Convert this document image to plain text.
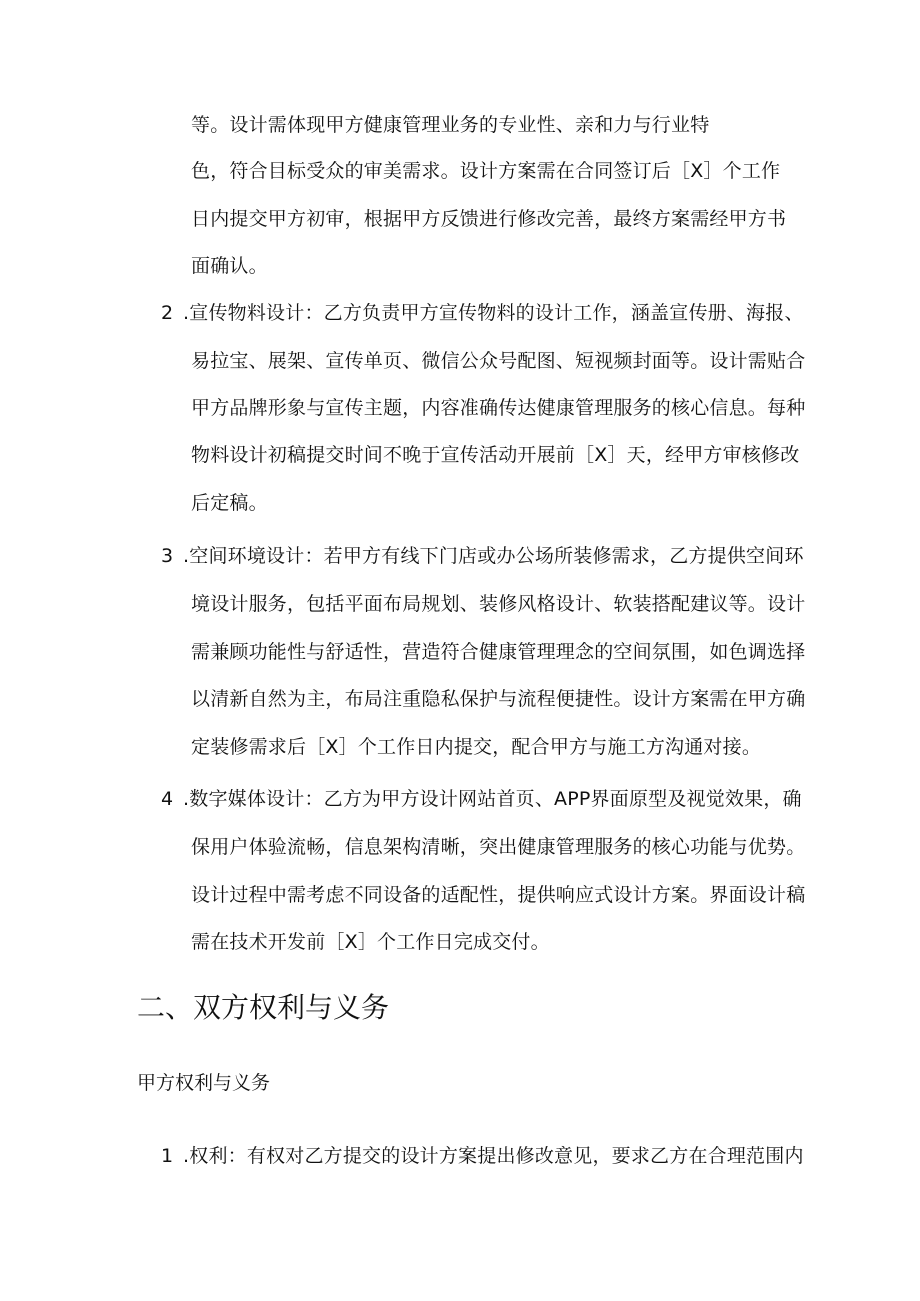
等。设计需体现甲方健康管理业务的专业性、亲和力与行业特
色，符合目标受众的审美需求。设计方案需在合同签订后［X］个工作
日内提交甲方初审，根据甲方反馈进行修改完善，最终方案需经甲方书
面确认。
2 .宣传物料设计：乙方负责甲方宣传物料的设计工作，涵盖宣传册、海报、
易拉宝、展架、宣传单页、微信公众号配图、短视频封面等。设计需贴合
甲方品牌形象与宣传主题，内容准确传达健康管理服务的核心信息。每种
物料设计初稿提交时间不晚于宣传活动开展前［X］天，经甲方审核修改
后定稿。
3 .空间环境设计：若甲方有线下门店或办公场所装修需求，乙方提供空间环
境设计服务，包括平面布局规划、装修风格设计、软装搭配建议等。设计
需兼顾功能性与舒适性，营造符合健康管理理念的空间氛围，如色调选择
以清新自然为主，布局注重隐私保护与流程便捷性。设计方案需在甲方确
定装修需求后［X］个工作日内提交，配合甲方与施工方沟通对接。
4 .数字媒体设计：乙方为甲方设计网站首页、APP界面原型及视觉效果，确
保用户体验流畅，信息架构清晰，突出健康管理服务的核心功能与优势。
设计过程中需考虑不同设备的适配性，提供响应式设计方案。界面设计稿
需在技术开发前［X］个工作日完成交付。
二、双方权利与义务
甲方权利与义务
1 .权利：有权对乙方提交的设计方案提出修改意见，要求乙方在合理范围内
